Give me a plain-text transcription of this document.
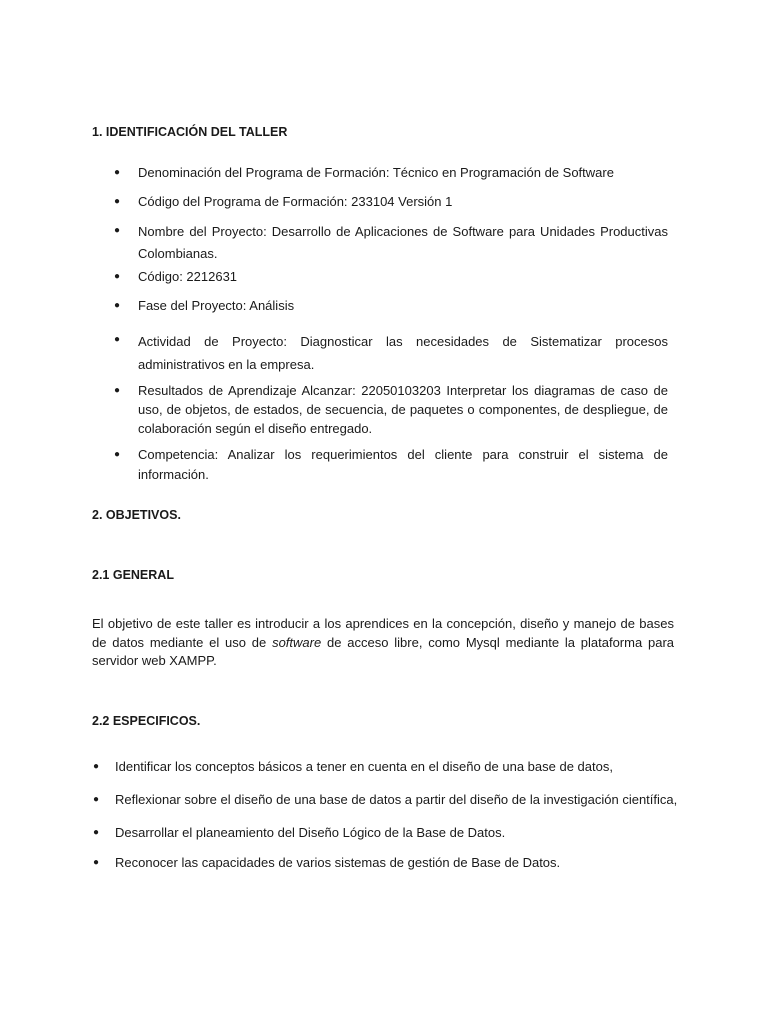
1. IDENTIFICACIÓN DEL TALLER
● Denominación del Programa de Formación: Técnico en Programación de Software
● Código del Programa de Formación: 233104 Versión 1
● Nombre del Proyecto: Desarrollo de Aplicaciones de Software para Unidades Productivas Colombianas.
● Código: 2212631
● Fase del Proyecto: Análisis
● Actividad de Proyecto: Diagnosticar las necesidades de Sistematizar procesos administrativos en la empresa.
● Resultados de Aprendizaje Alcanzar: 22050103203 Interpretar los diagramas de caso de uso, de objetos, de estados, de secuencia, de paquetes o componentes, de despliegue, de colaboración según el diseño entregado.
● Competencia: Analizar los requerimientos del cliente para construir el sistema de información.
2. OBJETIVOS.
2.1 GENERAL

El objetivo de este taller es introducir a los aprendices en la concepción, diseño y manejo de bases de datos mediante el uso de software de acceso libre, como Mysql mediante la plataforma para servidor web XAMPP.

2.2 ESPECIFICOS.
● Identificar los conceptos básicos a tener en cuenta en el diseño de una base de datos,
● Reflexionar sobre el diseño de una base de datos a partir del diseño de la investigación científica,
● Desarrollar el planeamiento del Diseño Lógico de la Base de Datos.
● Reconocer las capacidades de varios sistemas de gestión de Base de Datos.
